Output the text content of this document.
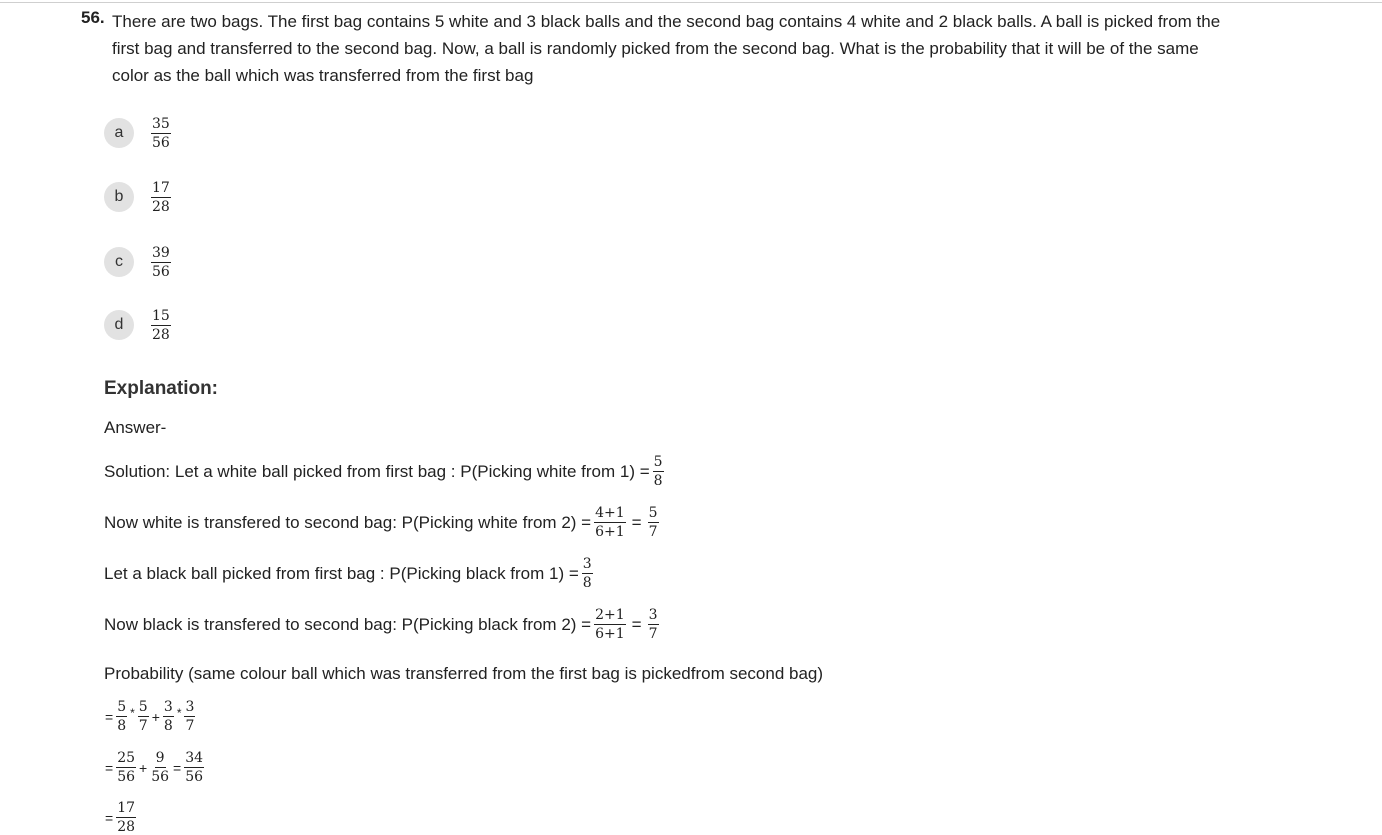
56. There are two bags. The first bag contains 5 white and 3 black balls and the second bag contains 4 white and 2 black balls. A ball is picked from the first bag and transferred to the second bag. Now, a ball is randomly picked from the second bag. What is the probability that it will be of the same color as the ball which was transferred from the first bag
a	$\frac{35}{56}$
b	$\frac{17}{28}$
c	$\frac{39}{56}$
d	$\frac{15}{28}$
Explanation:
Answer-
Solution: Let a white ball picked from first bag : P(Picking white from $1) = \frac{5}{8}$
Now white is transfered to second bag: P(Picking white from $2) = \frac{4+1}{6+1} = \frac{5}{7}$
Let a black ball picked from first bag : P(Picking black from $1) = \frac{3}{8}$
Now black is transfered to second bag: P(Picking black from $2) = \frac{2+1}{6+1} = \frac{3}{7}$
Probability (same colour ball which was transferred from the first bag is pickedfrom second bag)
= $\frac{5}{8} * \frac{5}{7} + \frac{3}{8} * \frac{3}{7}$
= $\frac{25}{56} + \frac{9}{56} = \frac{34}{56}$
= $\frac{17}{28}$
